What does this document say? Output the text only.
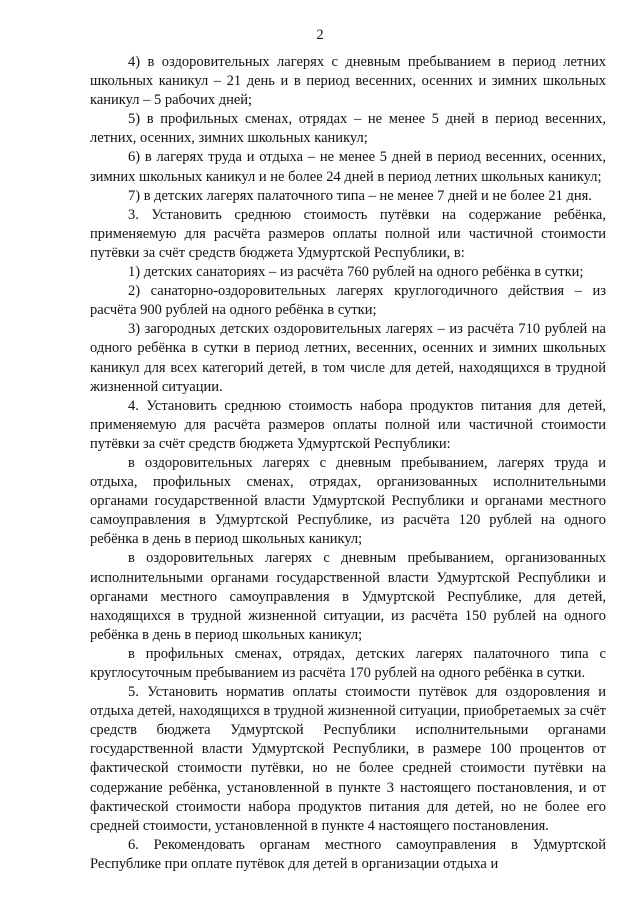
2

4) в оздоровительных лагерях с дневным пребыванием в период летних школьных каникул – 21 день и в период весенних, осенних и зимних школьных каникул – 5 рабочих дней;

5) в профильных сменах, отрядах – не менее 5 дней в период весенних, летних, осенних, зимних школьных каникул;

6) в лагерях труда и отдыха – не менее 5 дней в период весенних, осенних, зимних школьных каникул и не более 24 дней в период летних школьных каникул;

7) в детских лагерях палаточного типа – не менее 7 дней и не более 21 дня.

3. Установить среднюю стоимость путёвки на содержание ребёнка, применяемую для расчёта размеров оплаты полной или частичной стоимости путёвки за счёт средств бюджета Удмуртской Республики, в:

1) детских санаториях – из расчёта 760 рублей на одного ребёнка в сутки;

2) санаторно-оздоровительных лагерях круглогодичного действия – из расчёта 900 рублей на одного ребёнка в сутки;

3) загородных детских оздоровительных лагерях – из расчёта 710 рублей на одного ребёнка в сутки в период летних, весенних, осенних и зимних школьных каникул для всех категорий детей, в том числе для детей, находящихся в трудной жизненной ситуации.

4. Установить среднюю стоимость набора продуктов питания для детей, применяемую для расчёта размеров оплаты полной или частичной стоимости путёвки за счёт средств бюджета Удмуртской Республики:

в оздоровительных лагерях с дневным пребыванием, лагерях труда и отдыха, профильных сменах, отрядах, организованных исполнительными органами государственной власти Удмуртской Республики и органами местного самоуправления в Удмуртской Республике, из расчёта 120 рублей на одного ребёнка в день в период школьных каникул;

в оздоровительных лагерях с дневным пребыванием, организованных исполнительными органами государственной власти Удмуртской Республики и органами местного самоуправления в Удмуртской Республике, для детей, находящихся в трудной жизненной ситуации, из расчёта 150 рублей на одного ребёнка в день в период школьных каникул;

в профильных сменах, отрядах, детских лагерях палаточного типа с круглосуточным пребыванием из расчёта 170 рублей на одного ребёнка в сутки.

5. Установить норматив оплаты стоимости путёвок для оздоровления и отдыха детей, находящихся в трудной жизненной ситуации, приобретаемых за счёт средств бюджета Удмуртской Республики исполнительными органами государственной власти Удмуртской Республики, в размере 100 процентов от фактической стоимости путёвки, но не более средней стоимости путёвки на содержание ребёнка, установленной в пункте 3 настоящего постановления, и от фактической стоимости набора продуктов питания для детей, но не более его средней стоимости, установленной в пункте 4 настоящего постановления.

6. Рекомендовать органам местного самоуправления в Удмуртской Республике при оплате путёвок для детей в организации отдыха и
